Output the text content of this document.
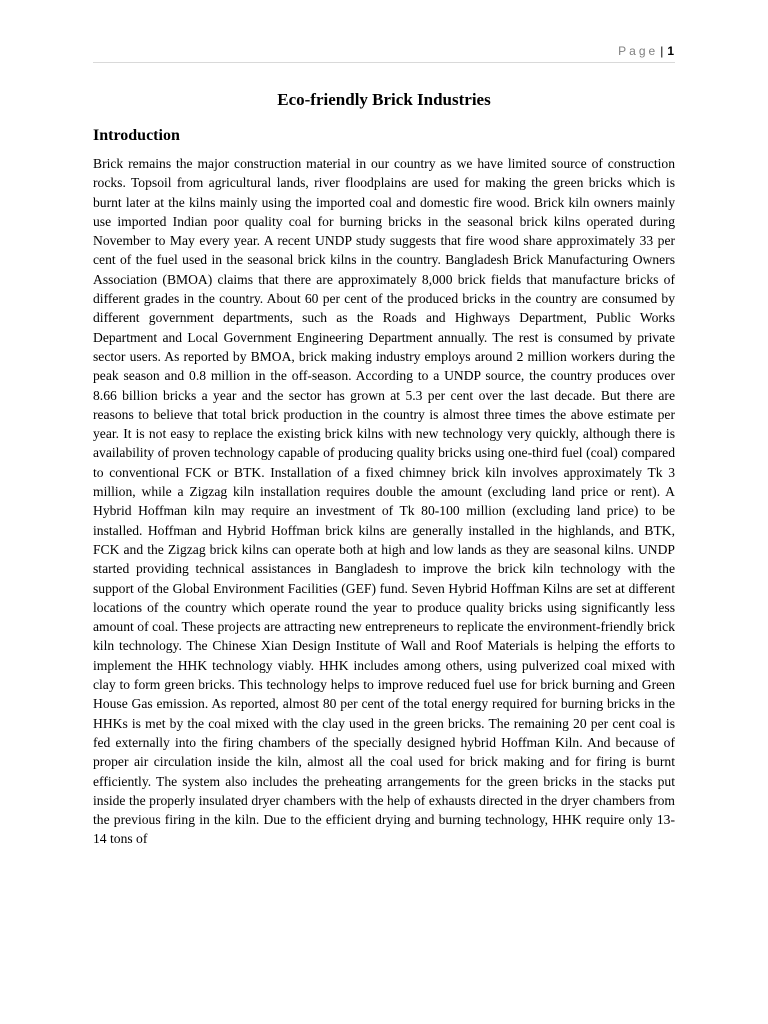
Page | 1
Eco-friendly Brick Industries
Introduction

Brick remains the major construction material in our country as we have limited source of construction rocks. Topsoil from agricultural lands, river floodplains are used for making the green bricks which is burnt later at the kilns mainly using the imported coal and domestic fire wood. Brick kiln owners mainly use imported Indian poor quality coal for burning bricks in the seasonal brick kilns operated during November to May every year. A recent UNDP study suggests that fire wood share approximately 33 per cent of the fuel used in the seasonal brick kilns in the country. Bangladesh Brick Manufacturing Owners Association (BMOA) claims that there are approximately 8,000 brick fields that manufacture bricks of different grades in the country. About 60 per cent of the produced bricks in the country are consumed by different government departments, such as the Roads and Highways Department, Public Works Department and Local Government Engineering Department annually. The rest is consumed by private sector users. As reported by BMOA, brick making industry employs around 2 million workers during the peak season and 0.8 million in the off-season. According to a UNDP source, the country produces over 8.66 billion bricks a year and the sector has grown at 5.3 per cent over the last decade. But there are reasons to believe that total brick production in the country is almost three times the above estimate per year. It is not easy to replace the existing brick kilns with new technology very quickly, although there is availability of proven technology capable of producing quality bricks using one-third fuel (coal) compared to conventional FCK or BTK. Installation of a fixed chimney brick kiln involves approximately Tk 3 million, while a Zigzag kiln installation requires double the amount (excluding land price or rent). A Hybrid Hoffman kiln may require an investment of Tk 80-100 million (excluding land price) to be installed. Hoffman and Hybrid Hoffman brick kilns are generally installed in the highlands, and BTK, FCK and the Zigzag brick kilns can operate both at high and low lands as they are seasonal kilns. UNDP started providing technical assistances in Bangladesh to improve the brick kiln technology with the support of the Global Environment Facilities (GEF) fund. Seven Hybrid Hoffman Kilns are set at different locations of the country which operate round the year to produce quality bricks using significantly less amount of coal. These projects are attracting new entrepreneurs to replicate the environment-friendly brick kiln technology. The Chinese Xian Design Institute of Wall and Roof Materials is helping the efforts to implement the HHK technology viably. HHK includes among others, using pulverized coal mixed with clay to form green bricks. This technology helps to improve reduced fuel use for brick burning and Green House Gas emission. As reported, almost 80 per cent of the total energy required for burning bricks in the HHKs is met by the coal mixed with the clay used in the green bricks. The remaining 20 per cent coal is fed externally into the firing chambers of the specially designed hybrid Hoffman Kiln. And because of proper air circulation inside the kiln, almost all the coal used for brick making and for firing is burnt efficiently. The system also includes the preheating arrangements for the green bricks in the stacks put inside the properly insulated dryer chambers with the help of exhausts directed in the dryer chambers from the previous firing in the kiln. Due to the efficient drying and burning technology, HHK require only 13-14 tons of
